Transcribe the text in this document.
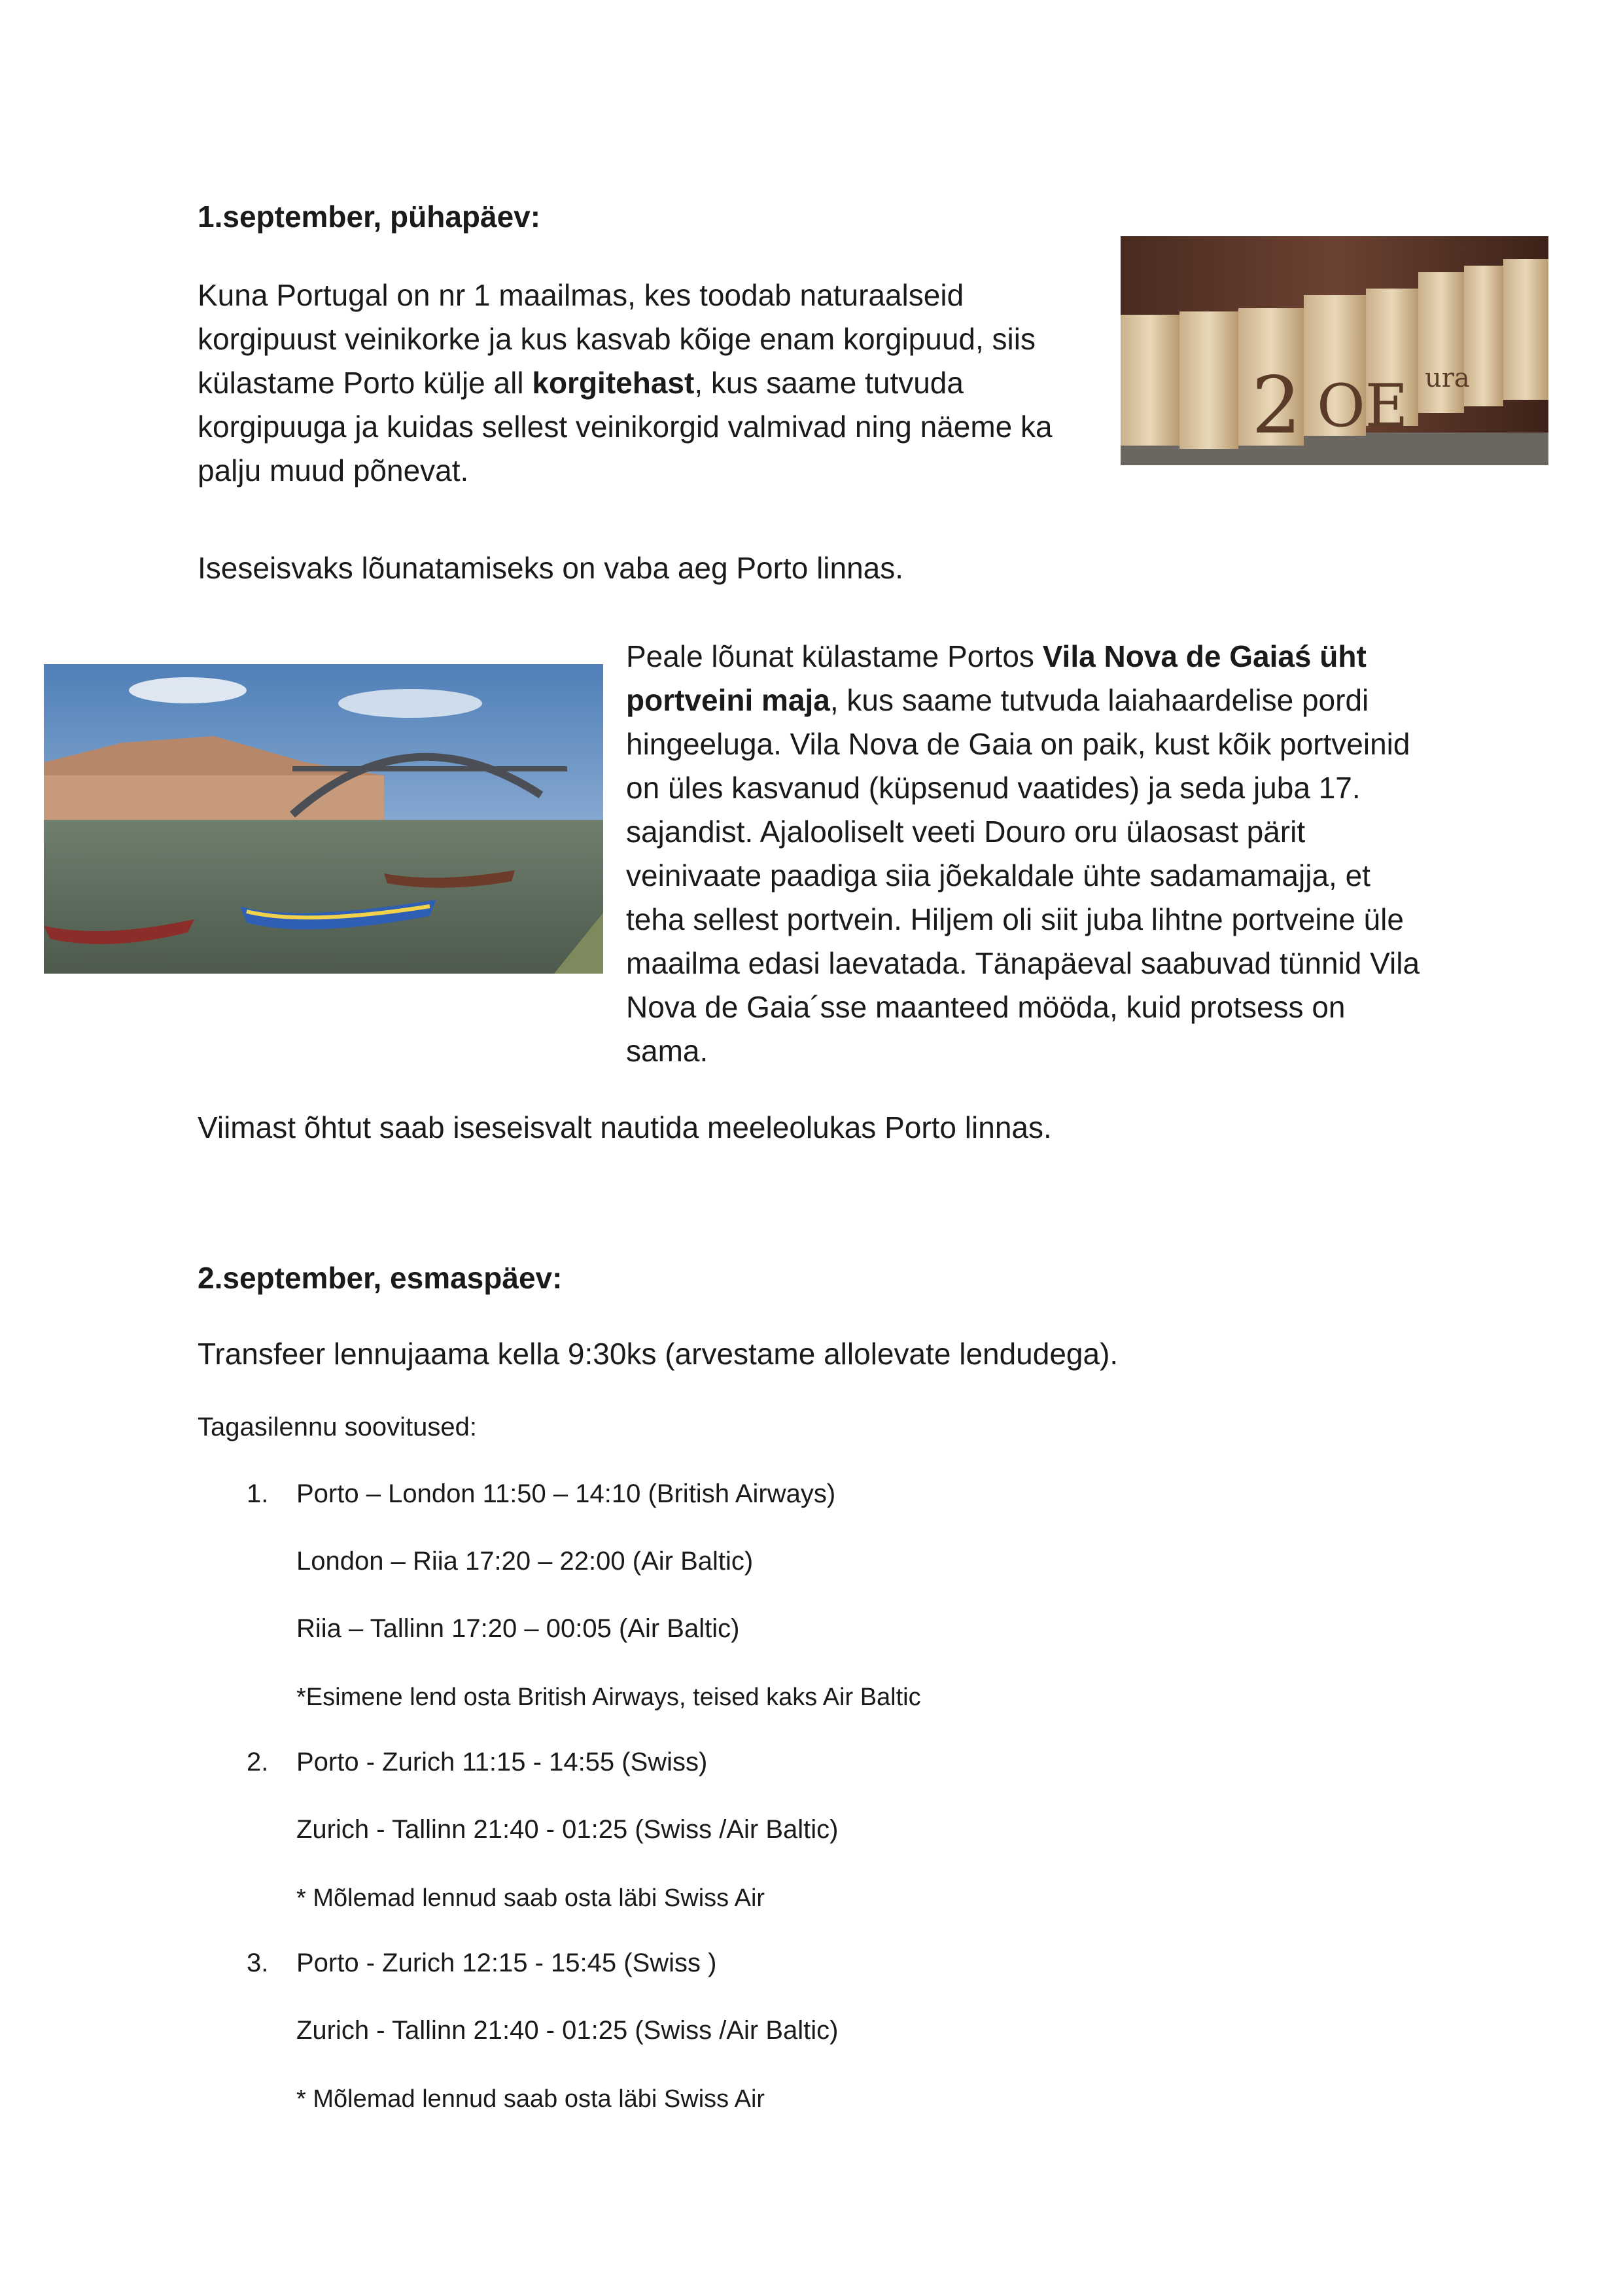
1.september, pühapäev:
Kuna Portugal on nr 1 maailmas, kes toodab naturaalseid korgipuust veinikorke ja kus kasvab kõige enam korgipuud, siis külastame Porto külje all korgitehast, kus saame tutvuda korgipuuga ja kuidas sellest veinikorgid valmivad ning näeme ka palju muud põnevat.
2 OE ura
Iseseisvaks lõunatamiseks on vaba aeg Porto linnas.
Peale lõunat külastame Portos Vila Nova de Gaiaś üht portveini maja, kus saame tutvuda laiahaardelise pordi hingeeluga. Vila Nova de Gaia on paik, kust kõik portveinid on üles kasvanud (küpsenud vaatides) ja seda juba 17. sajandist. Ajalooliselt veeti Douro oru ülaosast pärit veinivaate paadiga siia jõekaldale ühte sadamamajja, et teha sellest portvein. Hiljem oli siit juba lihtne portveine üle maailma edasi laevatada. Tänapäeval saabuvad tünnid Vila Nova de Gaia´sse maanteed mööda, kuid protsess on sama.
Viimast õhtut saab iseseisvalt nautida meeleolukas Porto linnas.
2.september, esmaspäev:
Transfeer lennujaama kella 9:30ks (arvestame allolevate lendudega).
Tagasilennu soovitused:
1. Porto – London 11:50 – 14:10 (British Airways)
London – Riia 17:20 – 22:00 (Air Baltic)
Riia – Tallinn 17:20 – 00:05 (Air Baltic)
*Esimene lend osta British Airways, teised kaks Air Baltic
2. Porto - Zurich 11:15 - 14:55 (Swiss)
Zurich - Tallinn 21:40 - 01:25 (Swiss /Air Baltic)
* Mõlemad lennud saab osta läbi Swiss Air
3. Porto - Zurich 12:15 - 15:45 (Swiss )
Zurich - Tallinn 21:40 - 01:25 (Swiss /Air Baltic)
* Mõlemad lennud saab osta läbi Swiss Air
